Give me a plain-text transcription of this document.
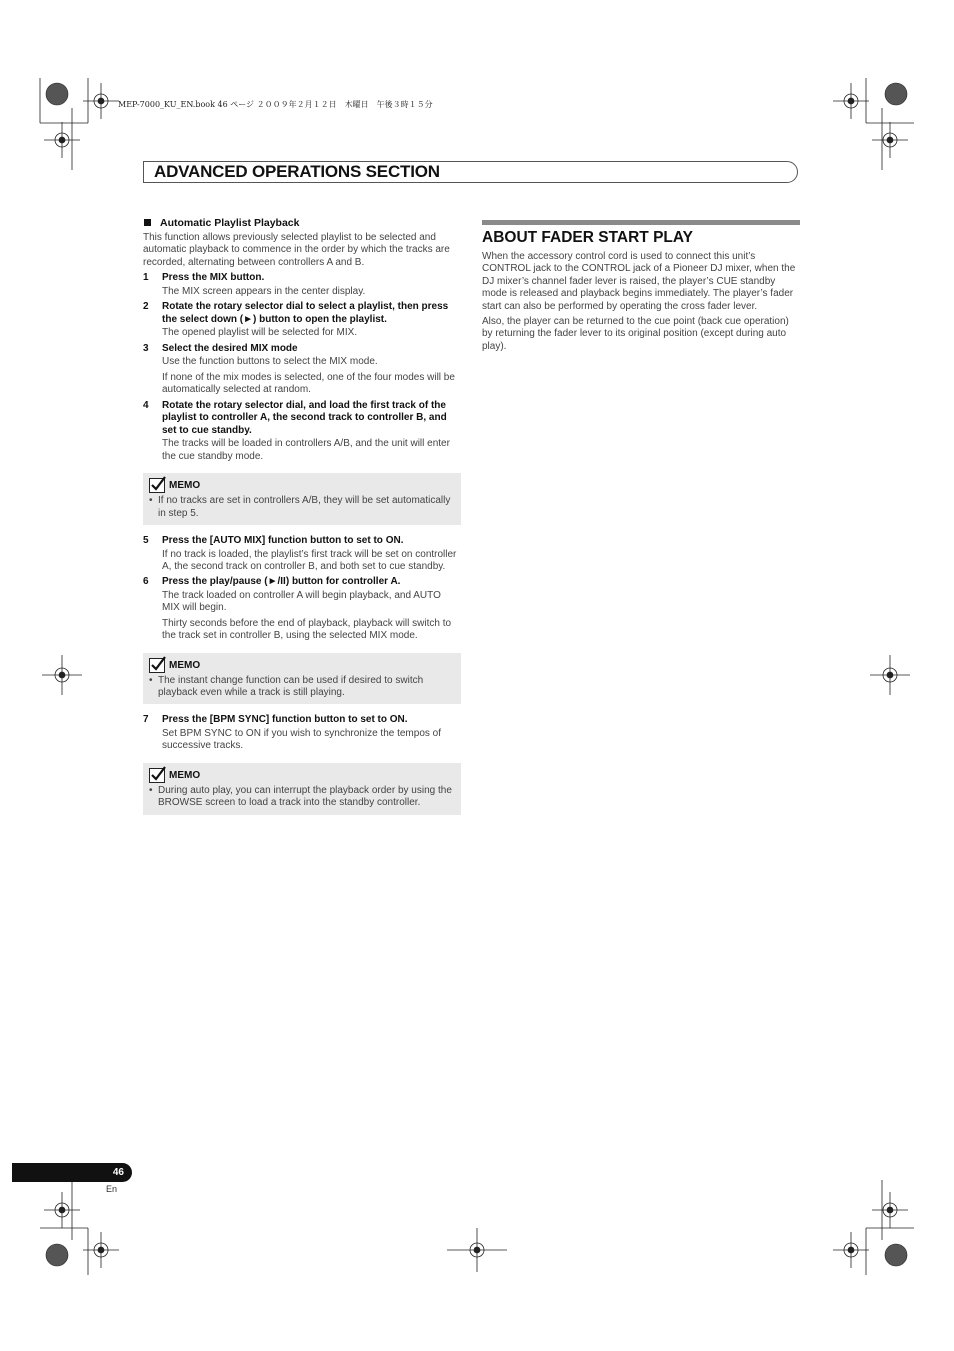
MEP-7000_KU_EN.book 46 ページ ２００９年２月１２日　木曜日　午後３時１５分
ADVANCED OPERATIONS SECTION
Automatic Playlist Playback

This function allows previously selected playlist to be selected and automatic playback to commence in the order by which the tracks are recorded, alternating between controllers A and B.

1 Press the MIX button.

The MIX screen appears in the center display.

2 Rotate the rotary selector dial to select a playlist, then press the select down (►) button to open the playlist.

The opened playlist will be selected for MIX.

3 Select the desired MIX mode

Use the function buttons to select the MIX mode.

If none of the mix modes is selected, one of the four modes will be automatically selected at random.

4 Rotate the rotary selector dial, and load the first track of the playlist to controller A, the second track to controller B, and set to cue standby.

The tracks will be loaded in controllers A/B, and the unit will enter the cue standby mode.

MEMO

• If no tracks are set in controllers A/B, they will be set automatically in step 5.

5 Press the [AUTO MIX] function button to set to ON.

If no track is loaded, the playlist’s first track will be set on controller A, the second track on controller B, and both set to cue standby.

6 Press the play/pause (►/II) button for controller A.

The track loaded on controller A will begin playback, and AUTO MIX will begin.

Thirty seconds before the end of playback, playback will switch to the track set in controller B, using the selected MIX mode.

MEMO

• The instant change function can be used if desired to switch playback even while a track is still playing.

7 Press the [BPM SYNC] function button to set to ON.

Set BPM SYNC to ON if you wish to synchronize the tempos of successive tracks.

MEMO

• During auto play, you can interrupt the playback order by using the BROWSE screen to load a track into the standby controller.

ABOUT FADER START PLAY

When the accessory control cord is used to connect this unit’s CONTROL jack to the CONTROL jack of a Pioneer DJ mixer, when the DJ mixer’s channel fader lever is raised, the player’s CUE standby mode is released and playback begins immediately. The player’s fader start can also be performed by operating the cross fader lever.

Also, the player can be returned to the cue point (back cue operation) by returning the fader lever to its original position (except during auto play).

46
En
